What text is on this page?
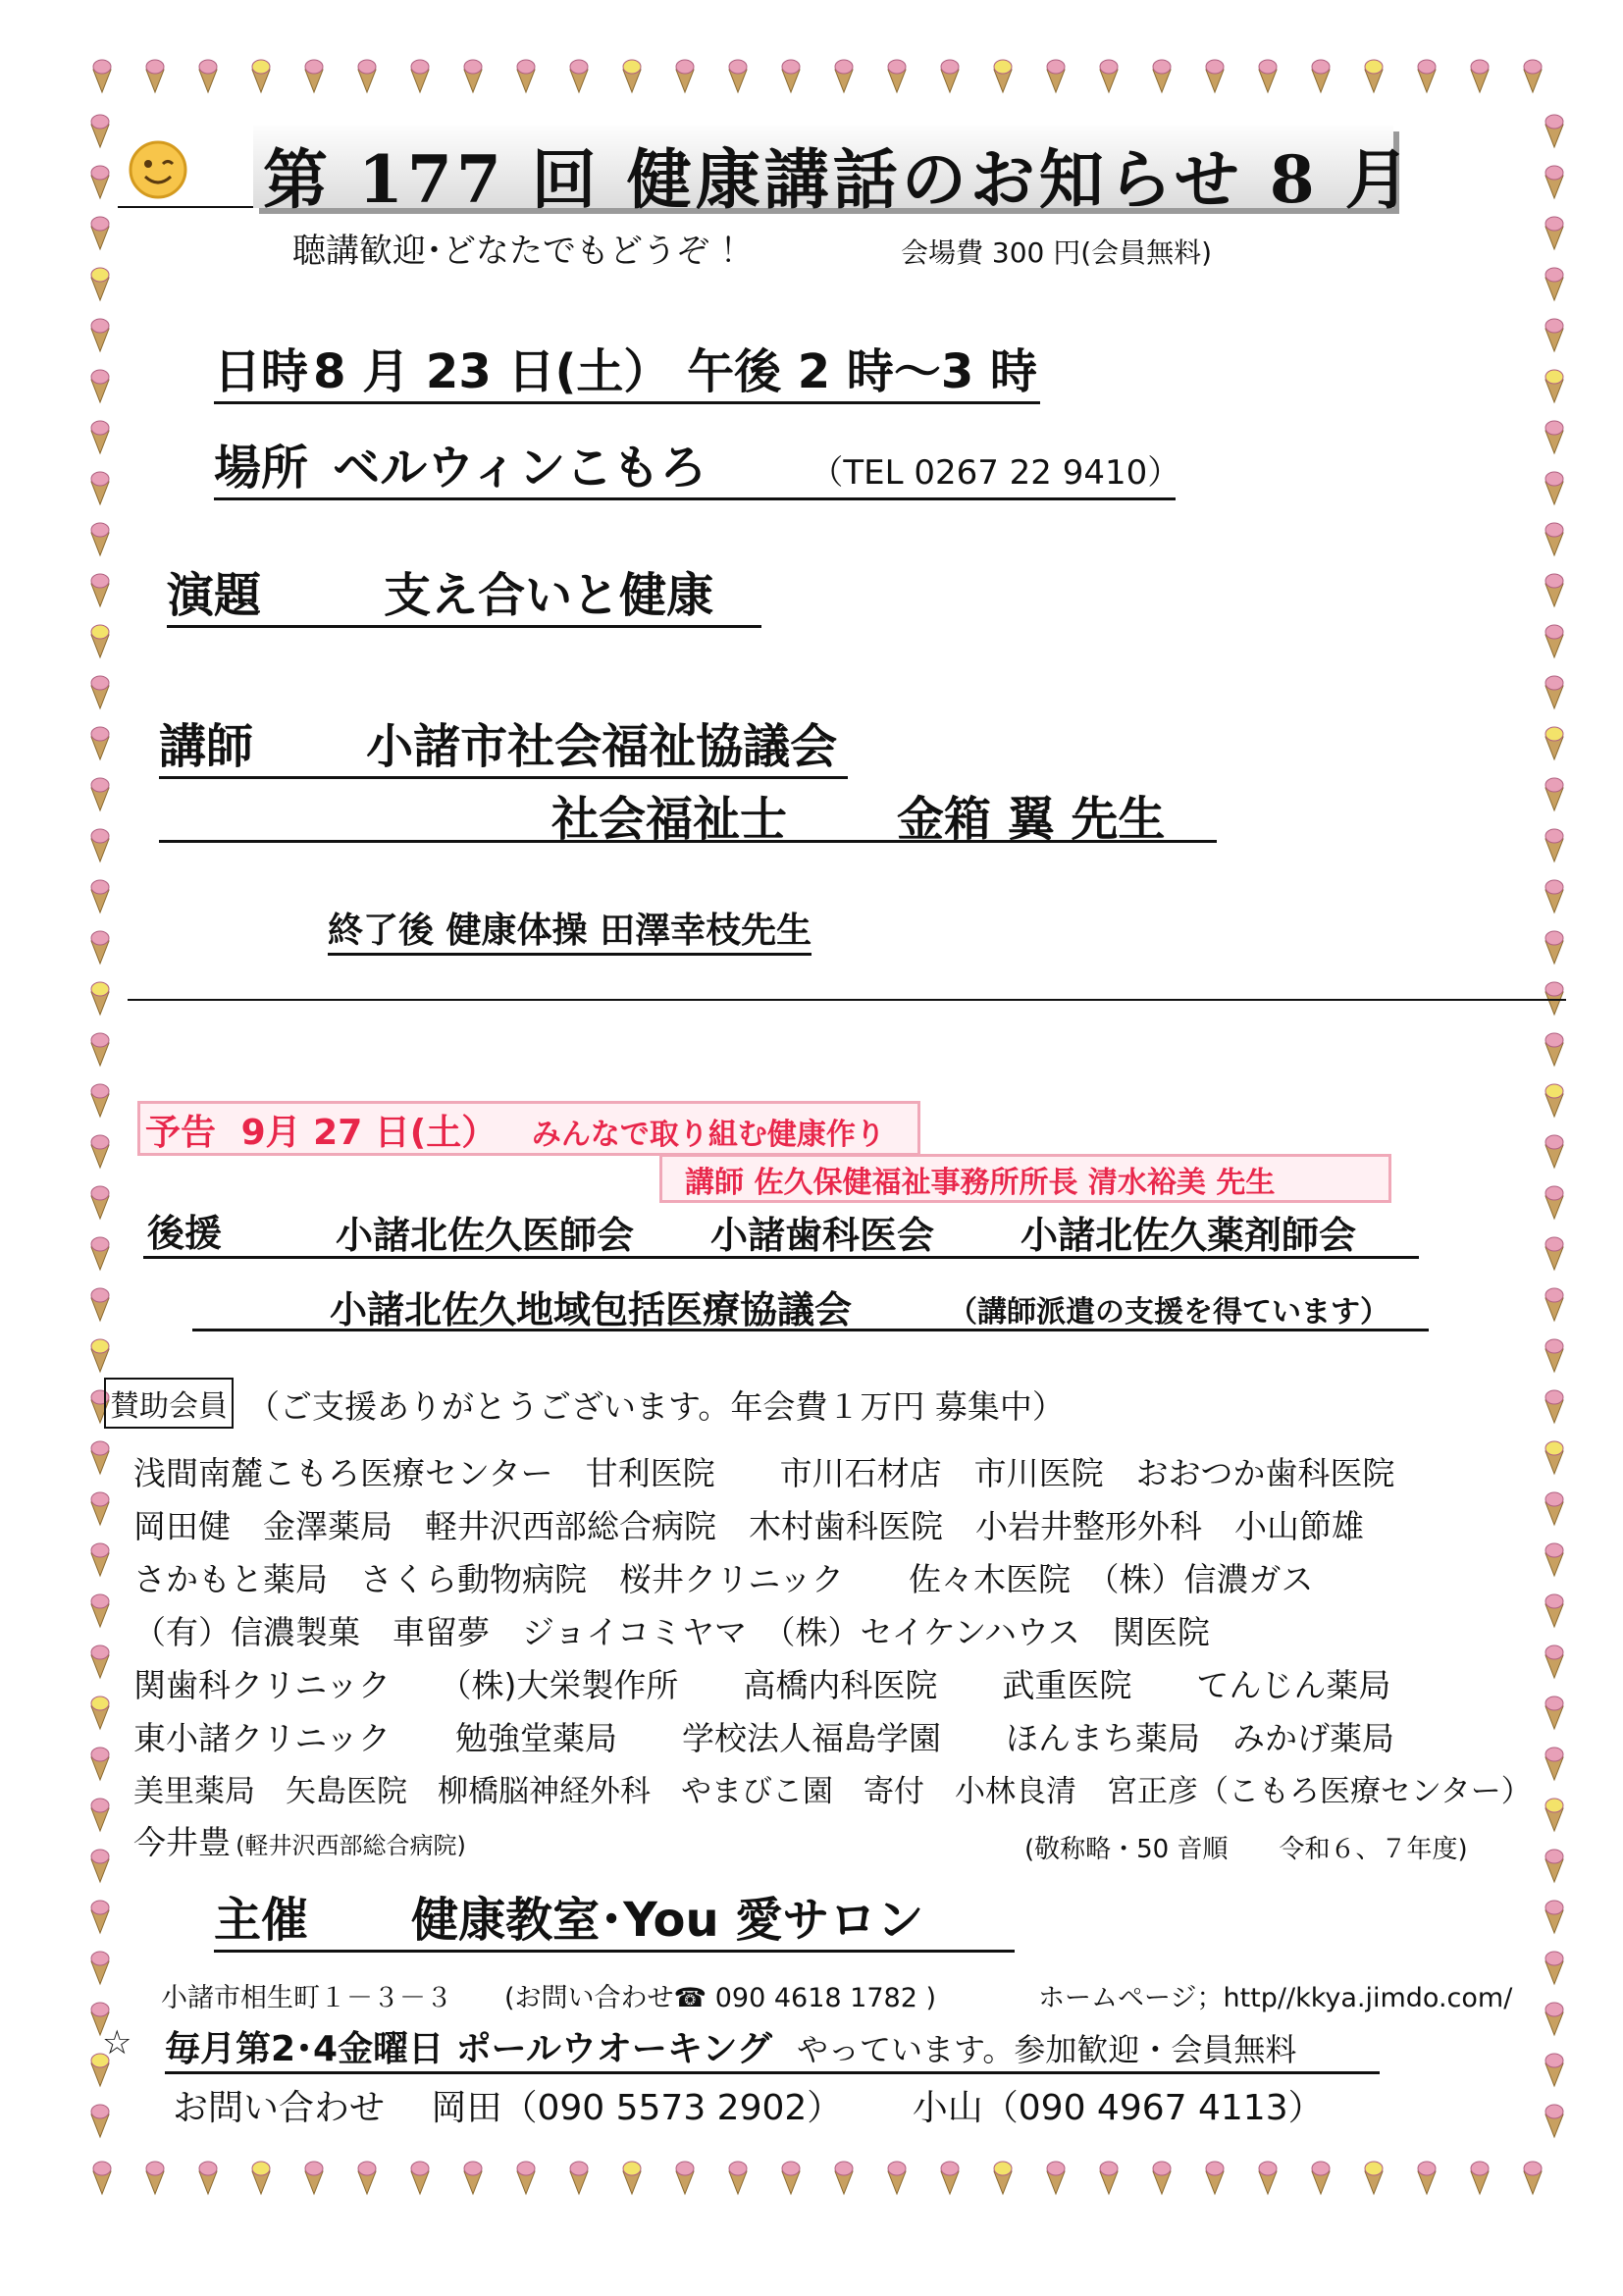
第 177 回 健康講話のお知らせ 8 月
聴講歓迎･どなたでもどうぞ ！	会場費 300 円(会員無料)
日時 8 月 23 日(土） 午後 2 時～3 時
場所 ベルウィンこもろ	（TEL 0267 22 9410）
演題	支え合いと健康
講師 小諸市社会福祉協議会
社会福祉士 金箱 翼 先生
終了後 健康体操 田澤幸枝先生
予告 9月 27 日(土） みんなで取り組む健康作り
講師 佐久保健福祉事務所所長 清水裕美 先生
後援	小諸北佐久医師会 小諸歯科医会 小諸北佐久薬剤師会
小諸北佐久地域包括医療協議会	（講師派遣の支援を得ています）
賛助会員 （ご支援ありがとうございます。年会費１万円 募集中）
浅間南麓こもろ医療センター　甘利医院　　市川石材店　市川医院　おおつか歯科医院
岡田健　金澤薬局　軽井沢西部総合病院　木村歯科医院　小岩井整形外科　小山節雄
さかもと薬局　さくら動物病院　桜井クリニック　　佐々木医院　（株）信濃ガス
（有）信濃製菓　車留夢　ジョイコミヤマ　（株）セイケンハウス　関医院
関歯科クリニック　　（株)大栄製作所　　高橋内科医院　　武重医院　　てんじん薬局
東小諸クリニック　　勉強堂薬局　　学校法人福島学園　　ほんまち薬局　みかげ薬局
美里薬局　矢島医院　柳橋脳神経外科　やまびこ園　寄付　小林良清　宮正彦（こもろ医療センター）
今井豊 (軽井沢西部総合病院)	(敬称略・50 音順　　令和６、７年度)
主催 健康教室･You 愛サロン
小諸市相生町１－３－３ (お問い合わせ☎ 090 4618 1782 )	ホームページ；http//kkya.jimdo.com/
☆ 毎月第2･4金曜日 ポールウオーキング やっています。参加歓迎・会員無料
お問い合わせ 岡田（090 5573 2902） 小山（090 4967 4113）
